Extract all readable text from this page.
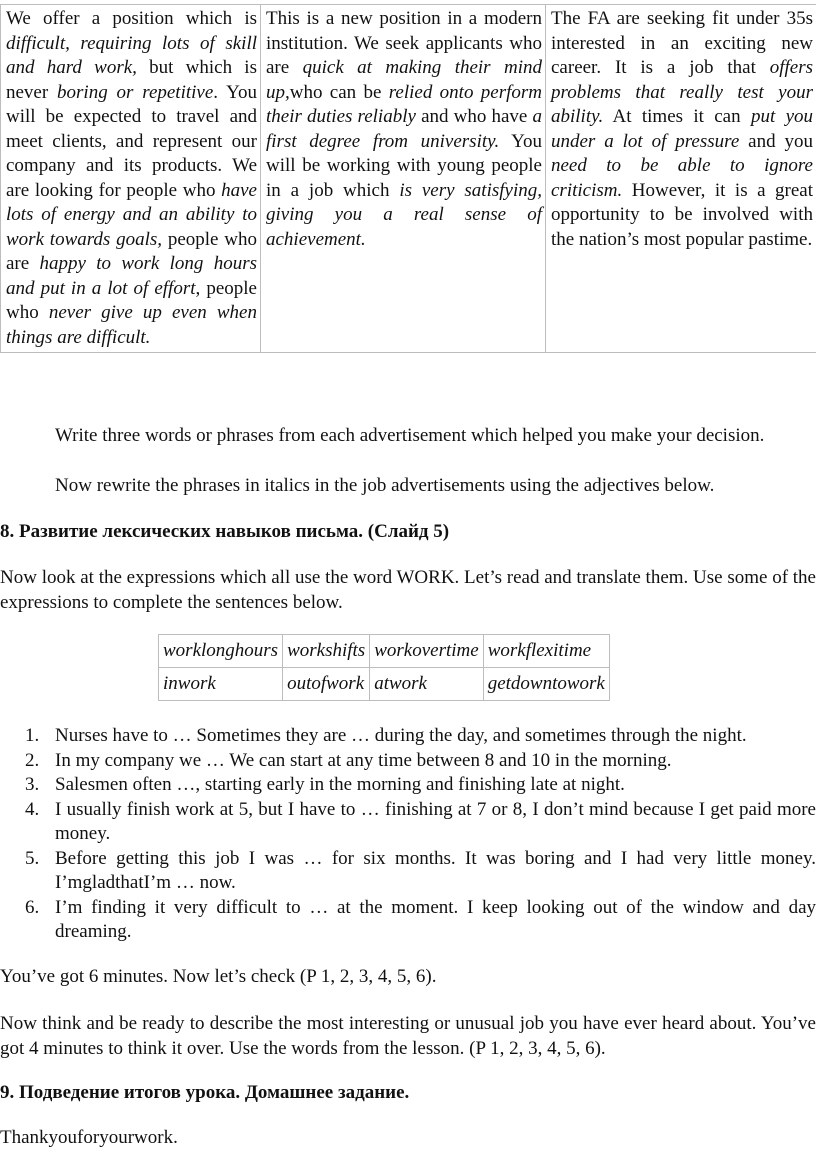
We offer a position which is difficult, requiring lots of skill and hard work, but which is never boring or repetitive. You will be expected to travel and meet clients, and represent our company and its products. We are looking for people who have lots of energy and an ability to work towards goals, people who are happy to work long hours and put in a lot of effort, people who never give up even when things are difficult.	This is a new position in a modern institution. We seek applicants who are quick at making their mind up,who can be relied onto perform their duties reliably and who have a first degree from university. You will be working with young people in a job which is very satisfying, giving you a real sense of achievement.	The FA are seeking fit under 35s interested in an exciting new career. It is a job that offers problems that really test your ability. At times it can put you under a lot of pressure and you need to be able to ignore criticism. However, it is a great opportunity to be involved with the nation’s most popular pastime.

Write three words or phrases from each advertisement which helped you make your decision.

Now rewrite the phrases in italics in the job advertisements using the adjectives below.

8. Развитие лексических навыков письма. (Слайд 5)

Now look at the expressions which all use the word WORK. Let’s read and translate them. Use some of the expressions to complete the sentences below.

worklonghours	workshifts	workovertime	workflexitime
inwork	outofwork	atwork	getdowntowork
1. Nurses have to … Sometimes they are … during the day, and sometimes through the night.
2. In my company we … We can start at any time between 8 and 10 in the morning.
3. Salesmen often …, starting early in the morning and finishing late at night.
4. I usually finish work at 5, but I have to … finishing at 7 or 8, I don’t mind because I get paid more money.
5. Before getting this job I was … for six months. It was boring and I had very little money. I’mgladthatI’m … now.
6. I’m finding it very difficult to … at the moment. I keep looking out of the window and day dreaming.

You’ve got 6 minutes. Now let’s check (P 1, 2, 3, 4, 5, 6).

Now think and be ready to describe the most interesting or unusual job you have ever heard about. You’ve got 4 minutes to think it over. Use the words from the lesson. (P 1, 2, 3, 4, 5, 6).

9. Подведение итогов урока. Домашнее задание.

Thankyouforyourwork.
